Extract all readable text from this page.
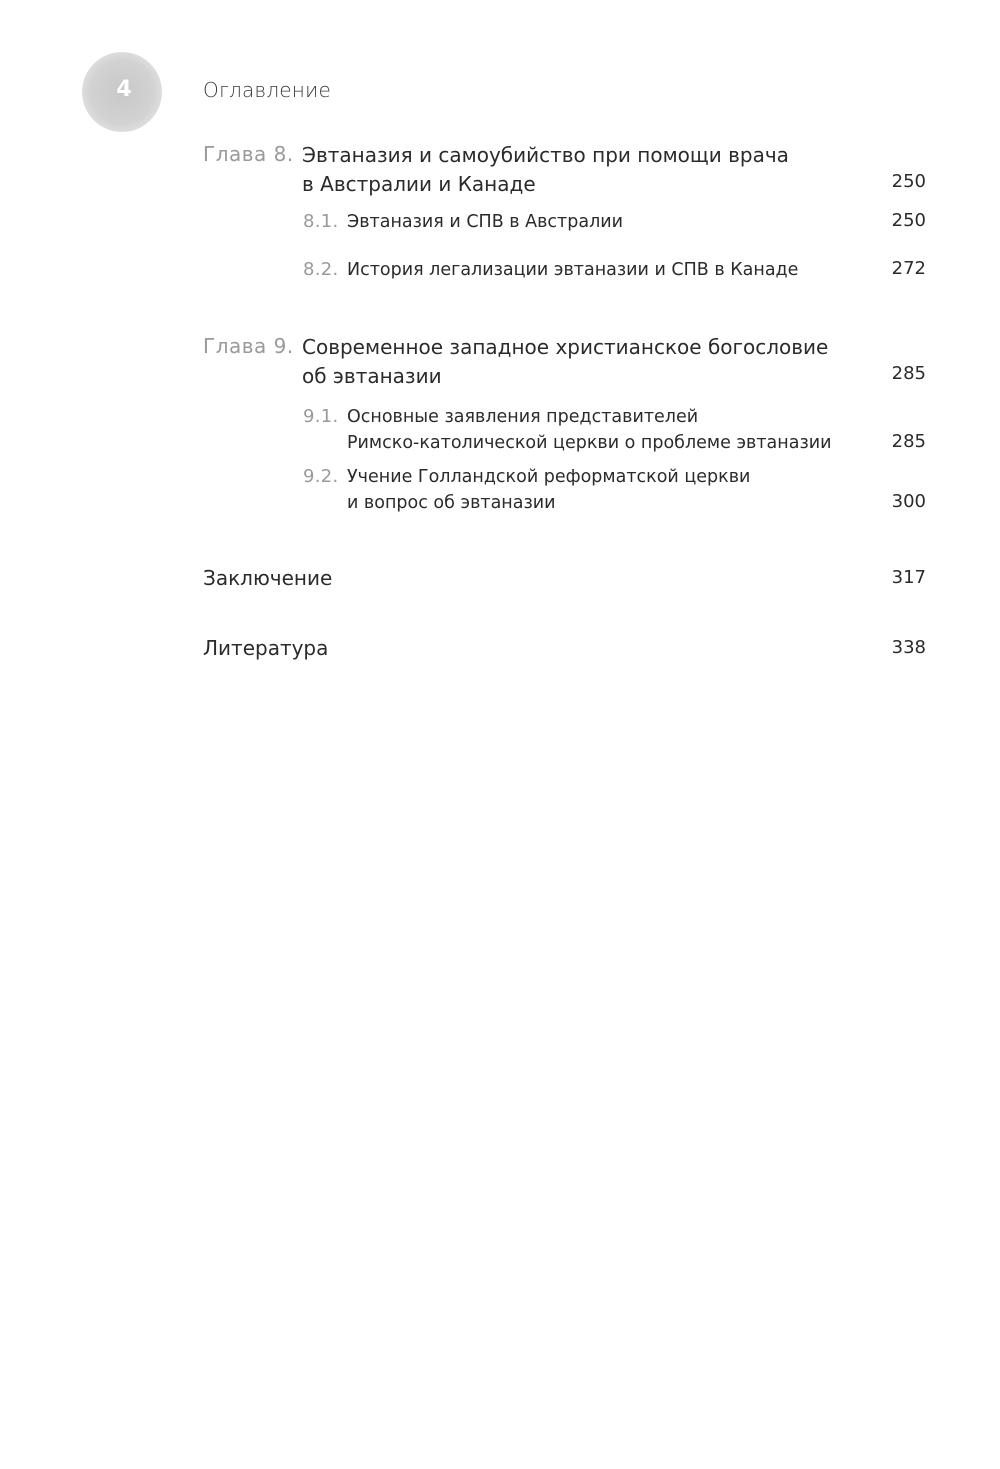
4	Оглавление
Глава 8. Эвтаназия и самоубийство при помощи врача
в Австралии и Канаде	250
8.1. Эвтаназия и СПВ в Австралии	250
8.2. История легализации эвтаназии и СПВ в Канаде	272
Глава 9. Современное западное христианское богословие
об эвтаназии	285
9.1. Основные заявления представителей
Римско-католической церкви о проблеме эвтаназии	285
9.2. Учение Голландской реформатской церкви
и вопрос об эвтаназии	300
Заключение	317
Литература	338
